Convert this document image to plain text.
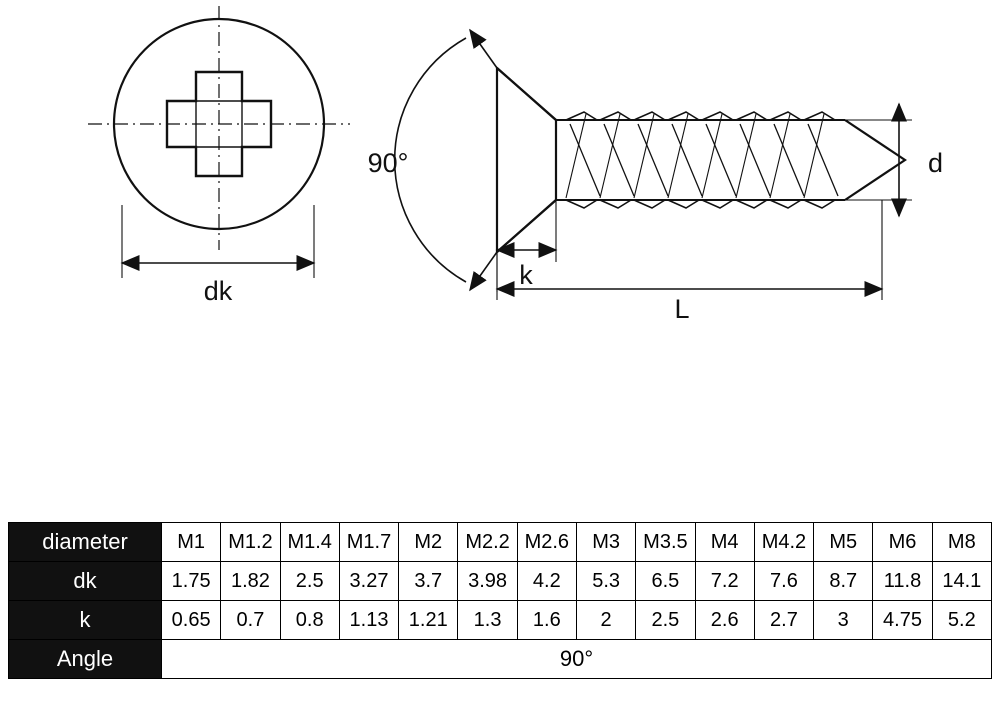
dk
90°
k
d
L
diameter	M1	M1.2	M1.4	M1.7	M2	M2.2	M2.6	M3	M3.5	M4	M4.2	M5	M6	M8
dk	1.75	1.82	2.5	3.27	3.7	3.98	4.2	5.3	6.5	7.2	7.6	8.7	11.8	14.1
k	0.65	0.7	0.8	1.13	1.21	1.3	1.6	2	2.5	2.6	2.7	3	4.75	5.2
Angle	90°													
